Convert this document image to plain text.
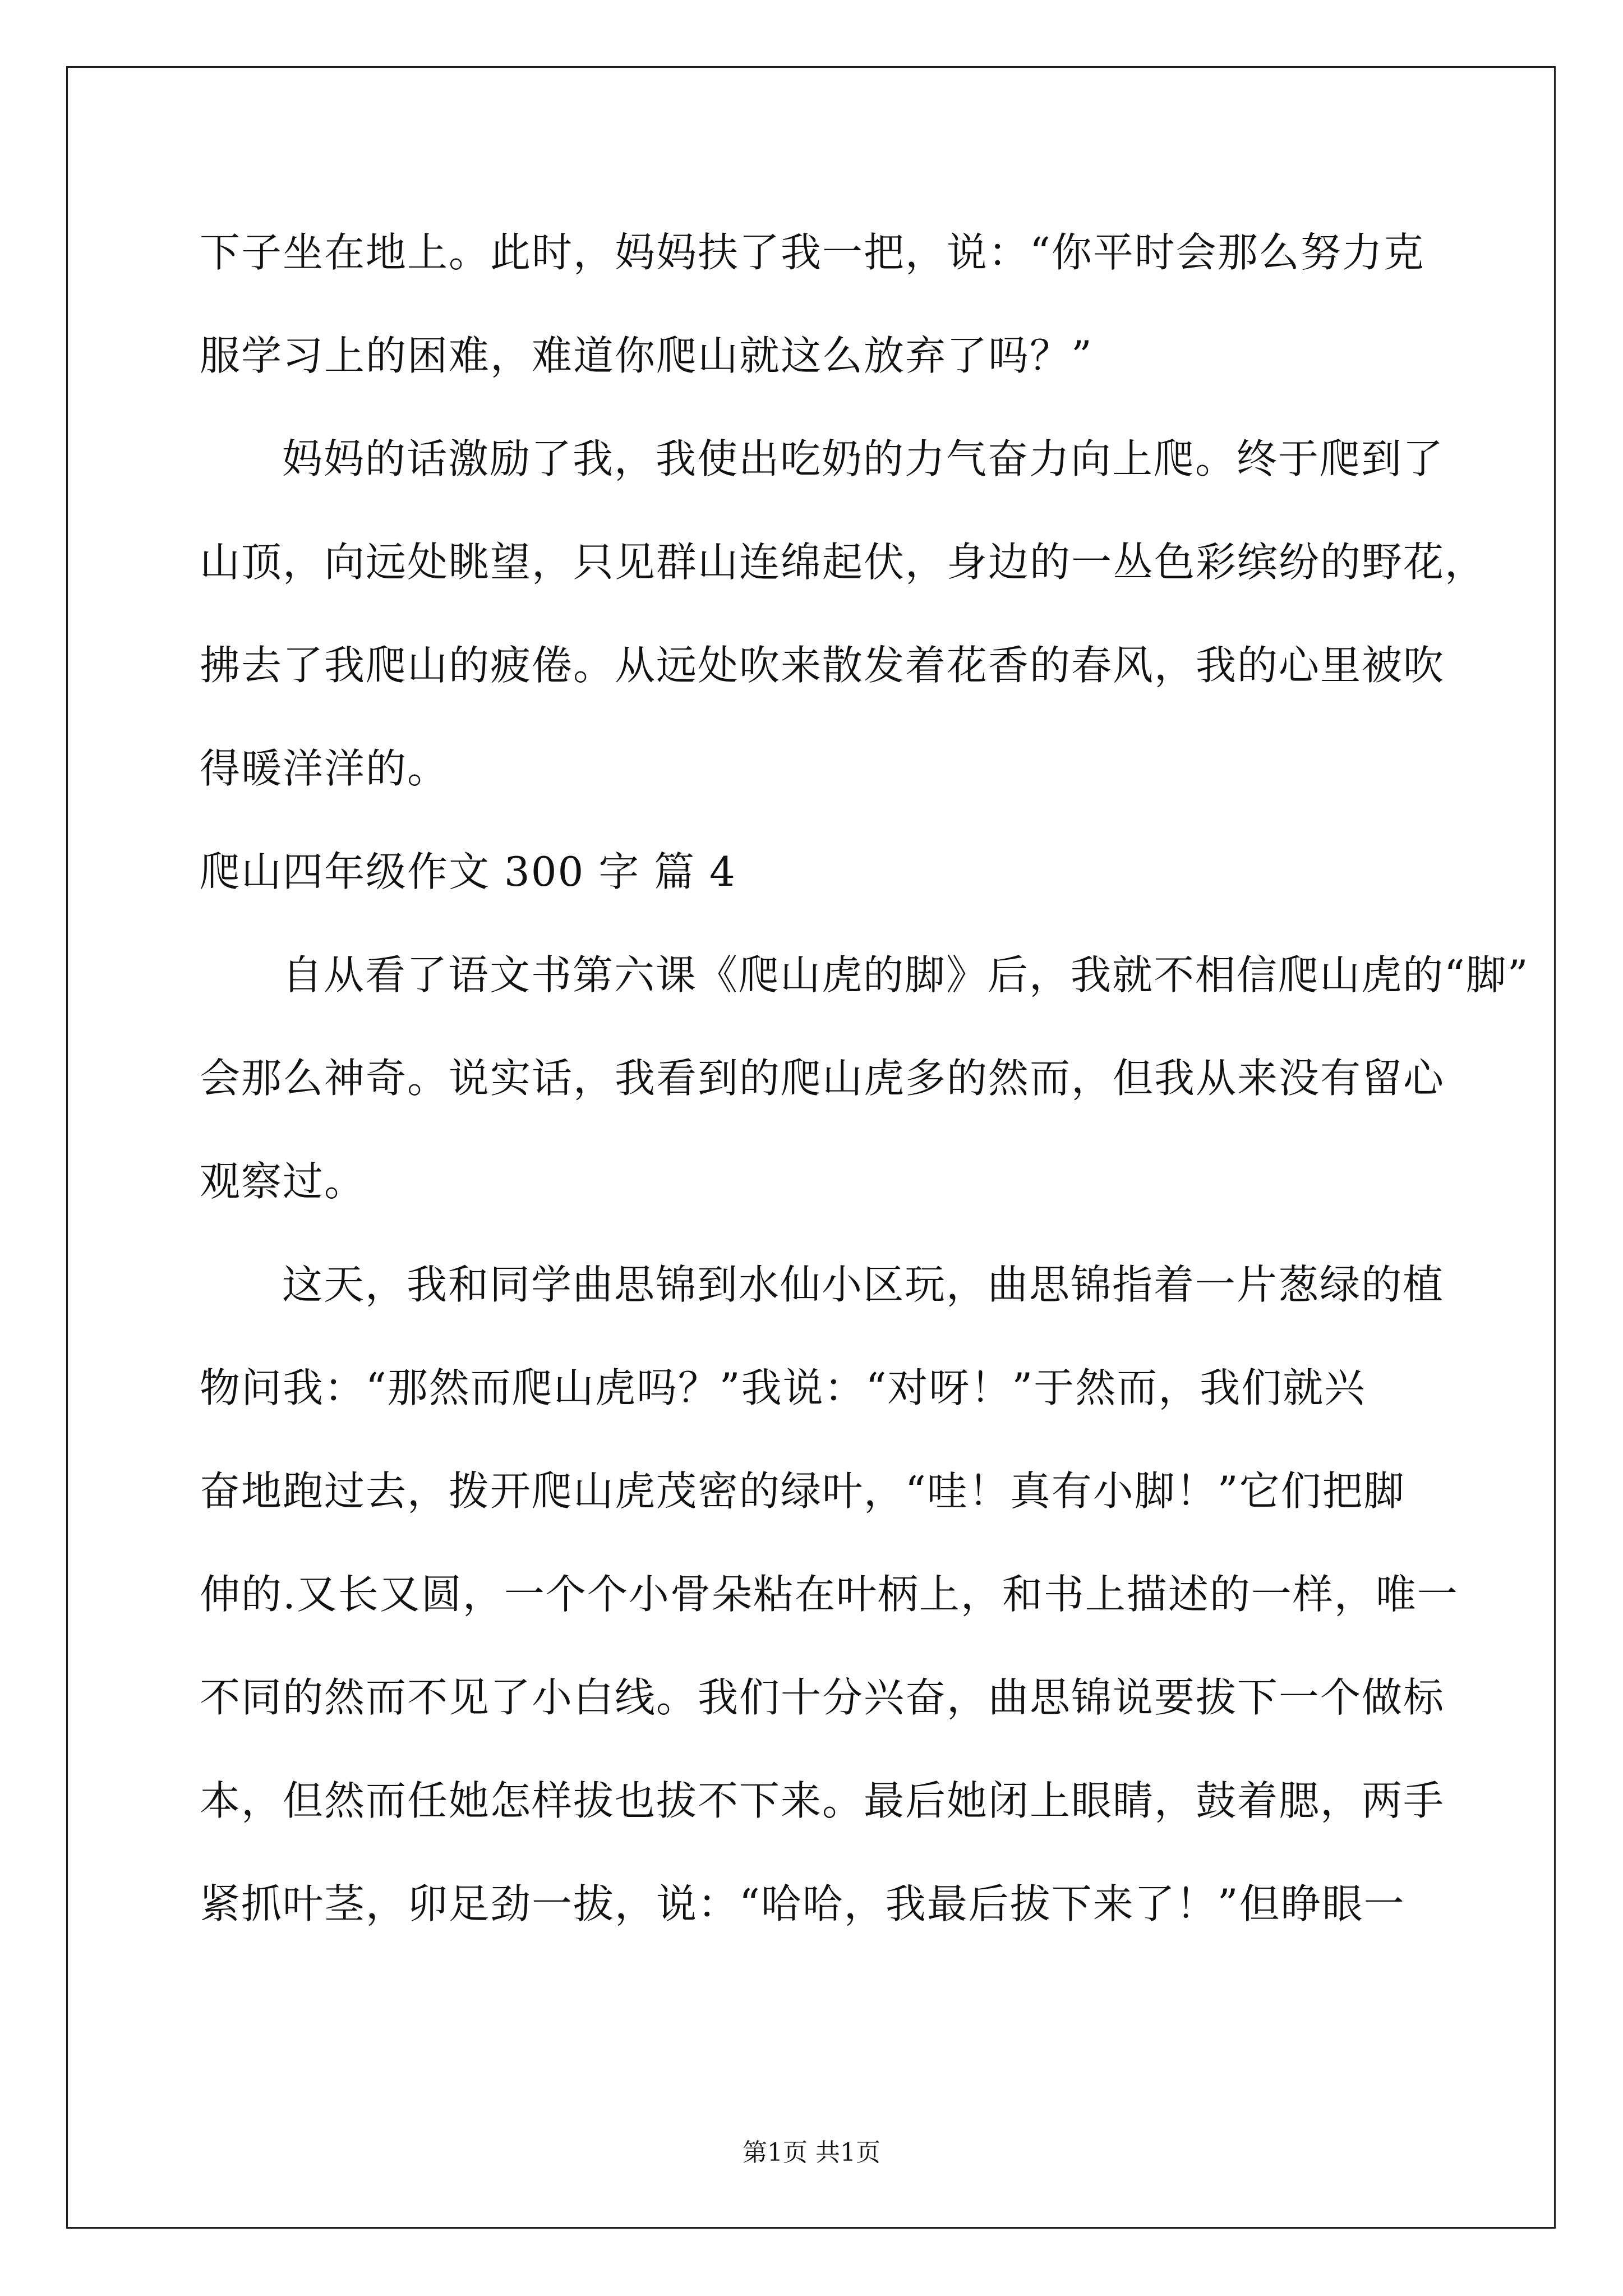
下子坐在地上。此时，妈妈扶了我一把，说：“你平时会那么努力克
服学习上的困难，难道你爬山就这么放弃了吗？”
妈妈的话激励了我，我使出吃奶的力气奋力向上爬。终于爬到了
山顶，向远处眺望，只见群山连绵起伏，身边的一丛色彩缤纷的野花，
拂去了我爬山的疲倦。从远处吹来散发着花香的春风，我的心里被吹
得暖洋洋的。
爬山四年级作文 300 字 篇 4
自从看了语文书第六课《爬山虎的脚》后，我就不相信爬山虎的“脚”
会那么神奇。说实话，我看到的爬山虎多的然而，但我从来没有留心
观察过。
这天，我和同学曲思锦到水仙小区玩，曲思锦指着一片葱绿的植
物问我：“那然而爬山虎吗？”我说：“对呀！”于然而，我们就兴
奋地跑过去，拨开爬山虎茂密的绿叶，“哇！真有小脚！”它们把脚
伸的.又长又圆，一个个小骨朵粘在叶柄上，和书上描述的一样，唯一
不同的然而不见了小白线。我们十分兴奋，曲思锦说要拔下一个做标
本，但然而任她怎样拔也拔不下来。最后她闭上眼睛，鼓着腮，两手
紧抓叶茎，卯足劲一拔，说：“哈哈，我最后拔下来了！”但睁眼一
第1页 共1页
